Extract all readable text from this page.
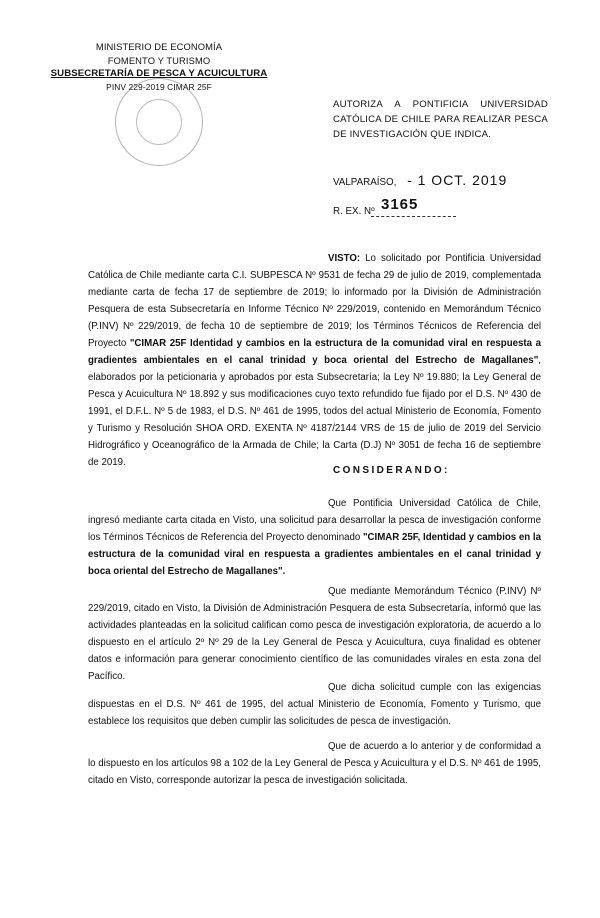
MINISTERIO DE ECONOMÍA
FOMENTO Y TURISMO
SUBSECRETARÍA DE PESCA Y ACUICULTURA
PINV 229-2019 CIMAR 25F
AUTORIZA A PONTIFICIA UNIVERSIDAD CATÓLICA DE CHILE PARA REALIZAR PESCA DE INVESTIGACIÓN QUE INDICA.
VALPARAÍSO, - 1 OCT. 2019
R. EX. Nº 3165
VISTO: Lo solicitado por Pontificia Universidad Católica de Chile mediante carta C.I. SUBPESCA Nº 9531 de fecha 29 de julio de 2019, complementada mediante carta de fecha 17 de septiembre de 2019; lo informado por la División de Administración Pesquera de esta Subsecretaría en Informe Técnico Nº 229/2019, contenido en Memorándum Técnico (P.INV) Nº 229/2019, de fecha 10 de septiembre de 2019; los Términos Técnicos de Referencia del Proyecto "CIMAR 25F Identidad y cambios en la estructura de la comunidad viral en respuesta a gradientes ambientales en el canal trinidad y boca oriental del Estrecho de Magallanes", elaborados por la peticionaria y aprobados por esta Subsecretaría; la Ley Nº 19.880; la Ley General de Pesca y Acuicultura Nº 18.892 y sus modificaciones cuyo texto refundido fue fijado por el D.S. Nº 430 de 1991, el D.F.L. Nº 5 de 1983, el D.S. Nº 461 de 1995, todos del actual Ministerio de Economía, Fomento y Turismo y Resolución SHOA ORD. EXENTA Nº 4187/2144 VRS de 15 de julio de 2019 del Servicio Hidrográfico y Oceanográfico de la Armada de Chile; la Carta (D.J) Nº 3051 de fecha 16 de septiembre de 2019.
CONSIDERANDO:
Que Pontificia Universidad Católica de Chile, ingresó mediante carta citada en Visto, una solicitud para desarrollar la pesca de investigación conforme los Términos Técnicos de Referencia del Proyecto denominado "CIMAR 25F, Identidad y cambios en la estructura de la comunidad viral en respuesta a gradientes ambientales en el canal trinidad y boca oriental del Estrecho de Magallanes".
Que mediante Memorándum Técnico (P.INV) Nº 229/2019, citado en Visto, la División de Administración Pesquera de esta Subsecretaría, informó que las actividades planteadas en la solicitud califican como pesca de investigación exploratoria, de acuerdo a lo dispuesto en el artículo 2º Nº 29 de la Ley General de Pesca y Acuicultura, cuya finalidad es obtener datos e información para generar conocimiento científico de las comunidades virales en esta zona del Pacífico.
Que dicha solicitud cumple con las exigencias dispuestas en el D.S. Nº 461 de 1995, del actual Ministerio de Economía, Fomento y Turismo, que establece los requisitos que deben cumplir las solicitudes de pesca de investigación.
Que de acuerdo a lo anterior y de conformidad a lo dispuesto en los artículos 98 a 102 de la Ley General de Pesca y Acuicultura y el D.S. Nº 461 de 1995, citado en Visto, corresponde autorizar la pesca de investigación solicitada.
